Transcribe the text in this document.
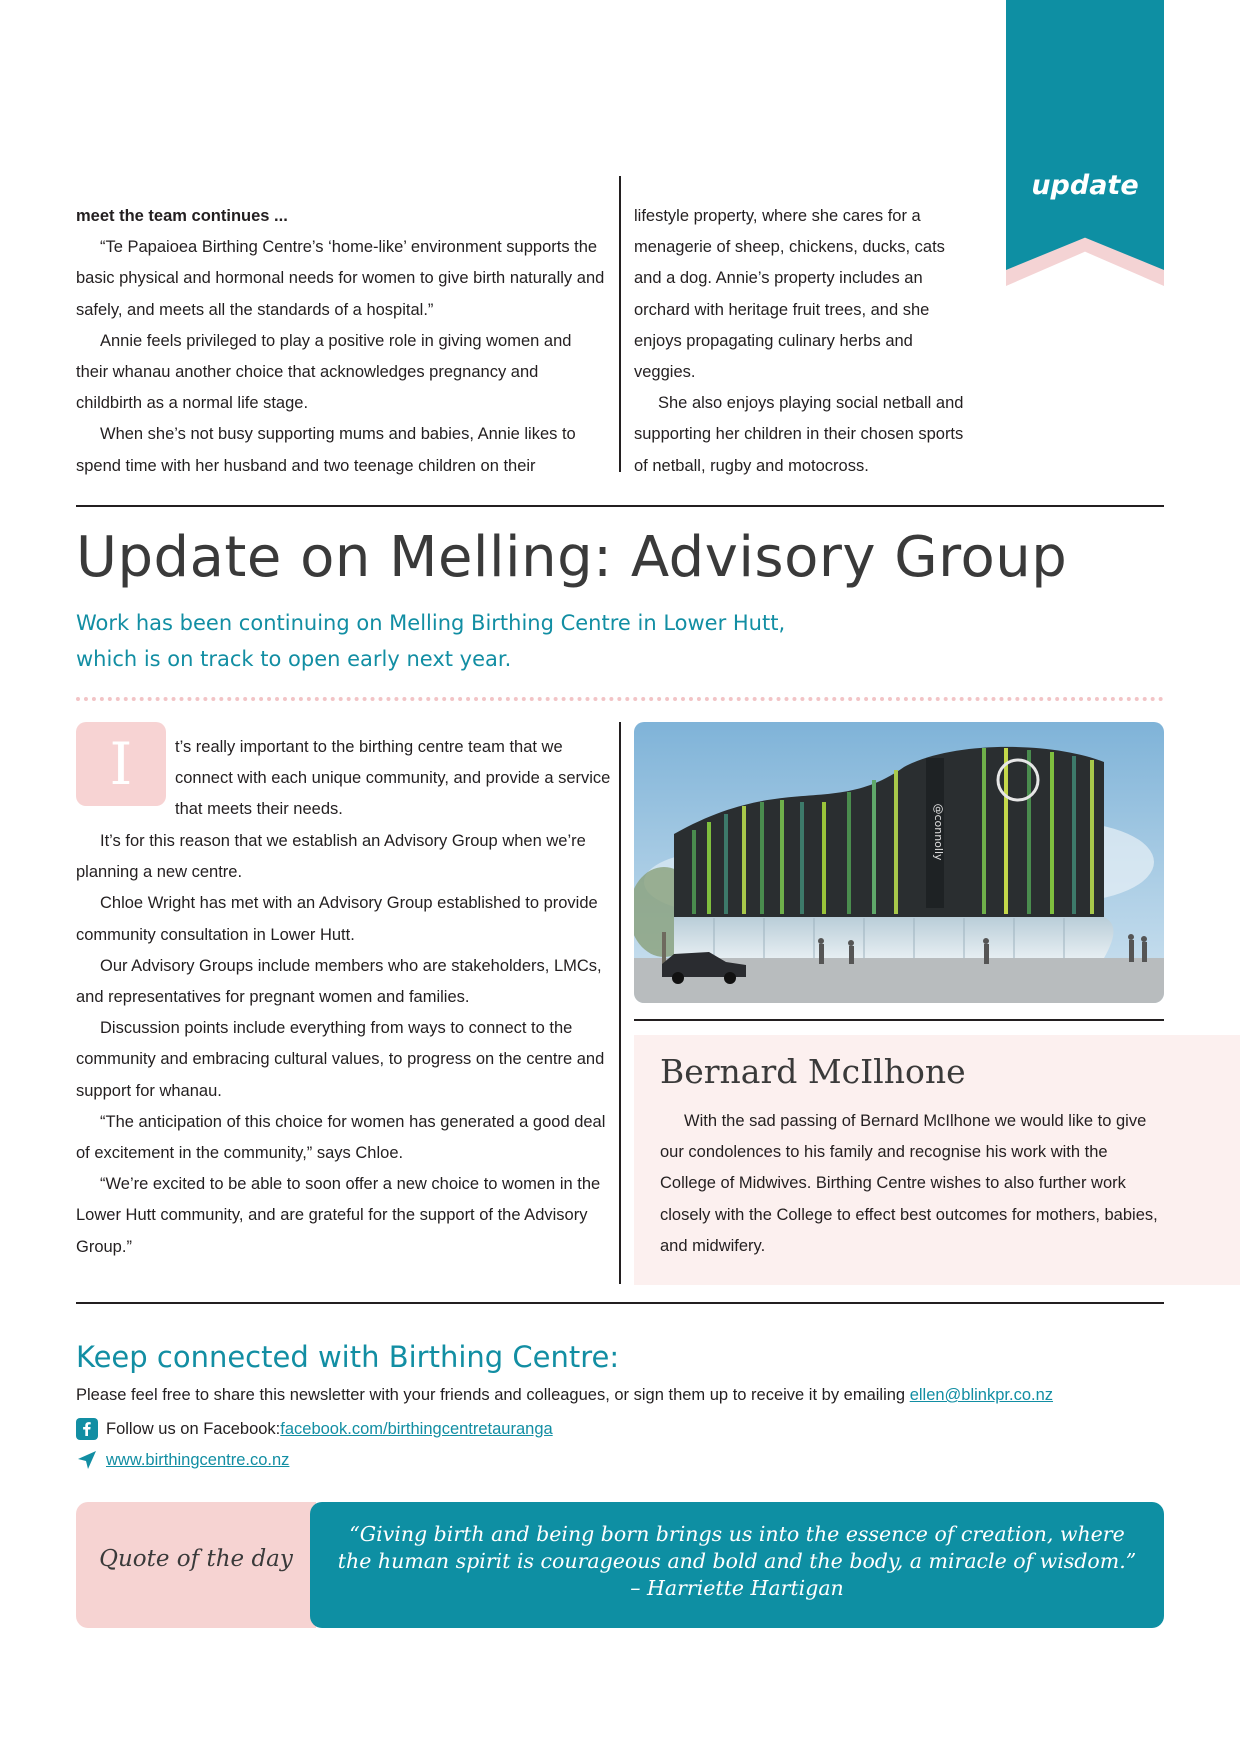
update
meet the team continues ...

“Te Papaioea Birthing Centre’s ‘home-like’ environment supports the basic physical and hormonal needs for women to give birth naturally and safely, and meets all the standards of a hospital.”

Annie feels privileged to play a positive role in giving women and their whanau another choice that acknowledges pregnancy and childbirth as a normal life stage.

When she’s not busy supporting mums and babies, Annie likes to spend time with her husband and two teenage children on their

lifestyle property, where she cares for a menagerie of sheep, chickens, ducks, cats and a dog. Annie’s property includes an orchard with heritage fruit trees, and she enjoys propagating culinary herbs and veggies.

She also enjoys playing social netball and supporting her children in their chosen sports of netball, rugby and motocross.

Update on Melling: Advisory Group
Work has been continuing on Melling Birthing Centre in Lower Hutt, which is on track to open early next year.
I	t’s really important to the birthing centre team that we connect with each unique community, and provide a service that meets their needs.

It’s for this reason that we establish an Advisory Group when we’re planning a new centre.

Chloe Wright has met with an Advisory Group established to provide community consultation in Lower Hutt.

Our Advisory Groups include members who are stakeholders, LMCs, and representatives for pregnant women and families.

Discussion points include everything from ways to connect to the community and embracing cultural values, to progress on the centre and support for whanau.

“The anticipation of this choice for women has generated a good deal of excitement in the community,” says Chloe.

“We’re excited to be able to soon offer a new choice to women in the Lower Hutt community, and are grateful for the support of the Advisory Group.”

@connolly
Bernard McIlhone

With the sad passing of Bernard McIlhone we would like to give our condolences to his family and recognise his work with the College of Midwives. Birthing Centre wishes to also further work closely with the College to effect best outcomes for mothers, babies, and midwifery.

Keep connected with Birthing Centre:
Please feel free to share this newsletter with your friends and colleagues, or sign them up to receive it by emailing ellen@blinkpr.co.nz
Follow us on Facebook: facebook.com/birthingcentretauranga
www.birthingcentre.co.nz
Quote of the day
“Giving birth and being born brings us into the essence of creation, where the human spirit is courageous and bold and the body, a miracle of wisdom.” – Harriette Hartigan
